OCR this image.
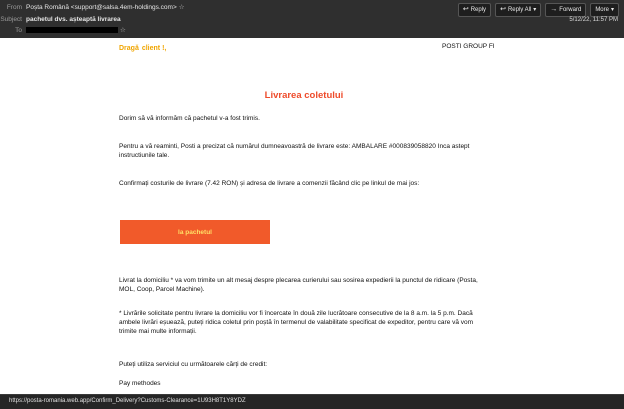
From Poșta Română <support@salsa.4em-holdings.com> ☆
Subject pachetul dvs. așteaptă livrarea
To	☆
↩ Reply ↩ Reply All ▾ → Forward More ▾
5/12/22, 11:57 PM
Dragă client !,	POSTI GROUP FI
Livrarea coletului
Dorim să vă informăm că pachetul v-a fost trimis.
Pentru a vă reaminti, Posti a precizat că numărul dumneavoastră de livrare este: AMBALARE #000839058820 Inca astept instructiunile tale.
Confirmați costurile de livrare (7.42 RON) și adresa de livrare a comenzii făcând clic pe linkul de mai jos:
la pachetul
Livrat la domiciliu * va vom trimite un alt mesaj despre plecarea curierului sau sosirea expedierii la punctul de ridicare (Posta, MOL, Coop, Parcel Machine).
* Livrările solicitate pentru livrare la domiciliu vor fi încercate în două zile lucrătoare consecutive de la 8 a.m. la 5 p.m. Dacă ambele livrări eșuează, puteți ridica coletul prin poștă în termenul de valabilitate specificat de expeditor, pentru care vă vom trimite mai multe informații.
Puteți utiliza serviciul cu următoarele cărți de credit:
Pay methodes
https://posta-romania.web.app/Confirm_Delivery?Customs-Clearance=1U93H8T1Y8YDZ
